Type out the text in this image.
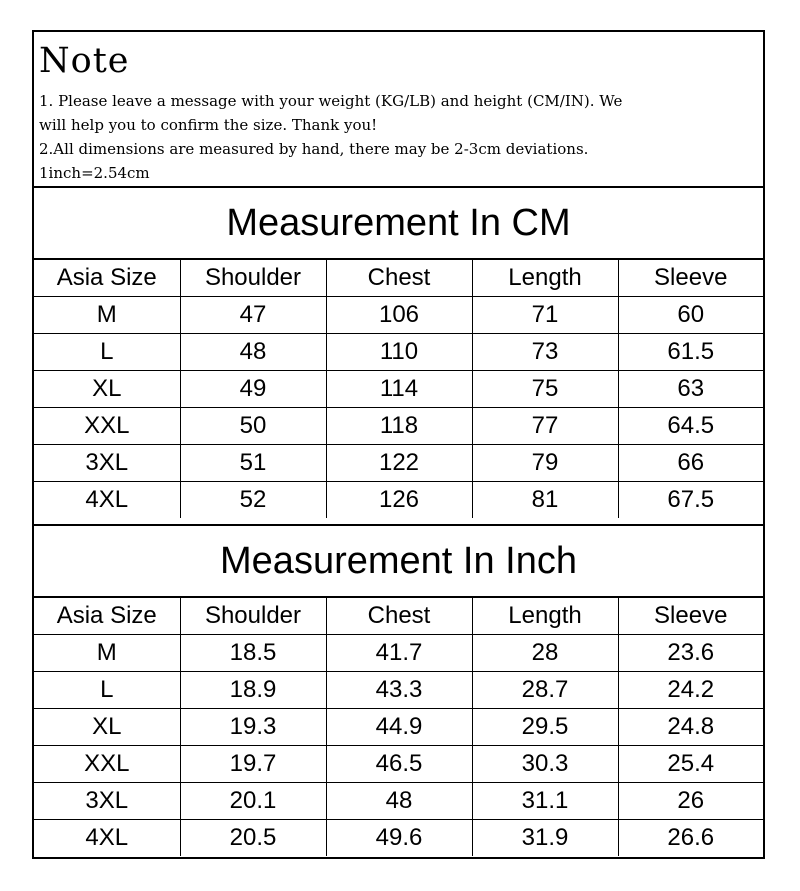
Note
1. Please leave a message with your weight (KG/LB) and height (CM/IN). We
will help you to confirm the size. Thank you!
2.All dimensions are measured by hand, there may be 2-3cm deviations.
1inch=2.54cm
Measurement In CM
Asia Size	Shoulder	Chest	Length	Sleeve
M	47	106	71	60
L	48	110	73	61.5
XL	49	114	75	63
XXL	50	118	77	64.5
3XL	51	122	79	66
4XL	52	126	81	67.5
Measurement In Inch
Asia Size	Shoulder	Chest	Length	Sleeve
M	18.5	41.7	28	23.6
L	18.9	43.3	28.7	24.2
XL	19.3	44.9	29.5	24.8
XXL	19.7	46.5	30.3	25.4
3XL	20.1	48	31.1	26
4XL	20.5	49.6	31.9	26.6
